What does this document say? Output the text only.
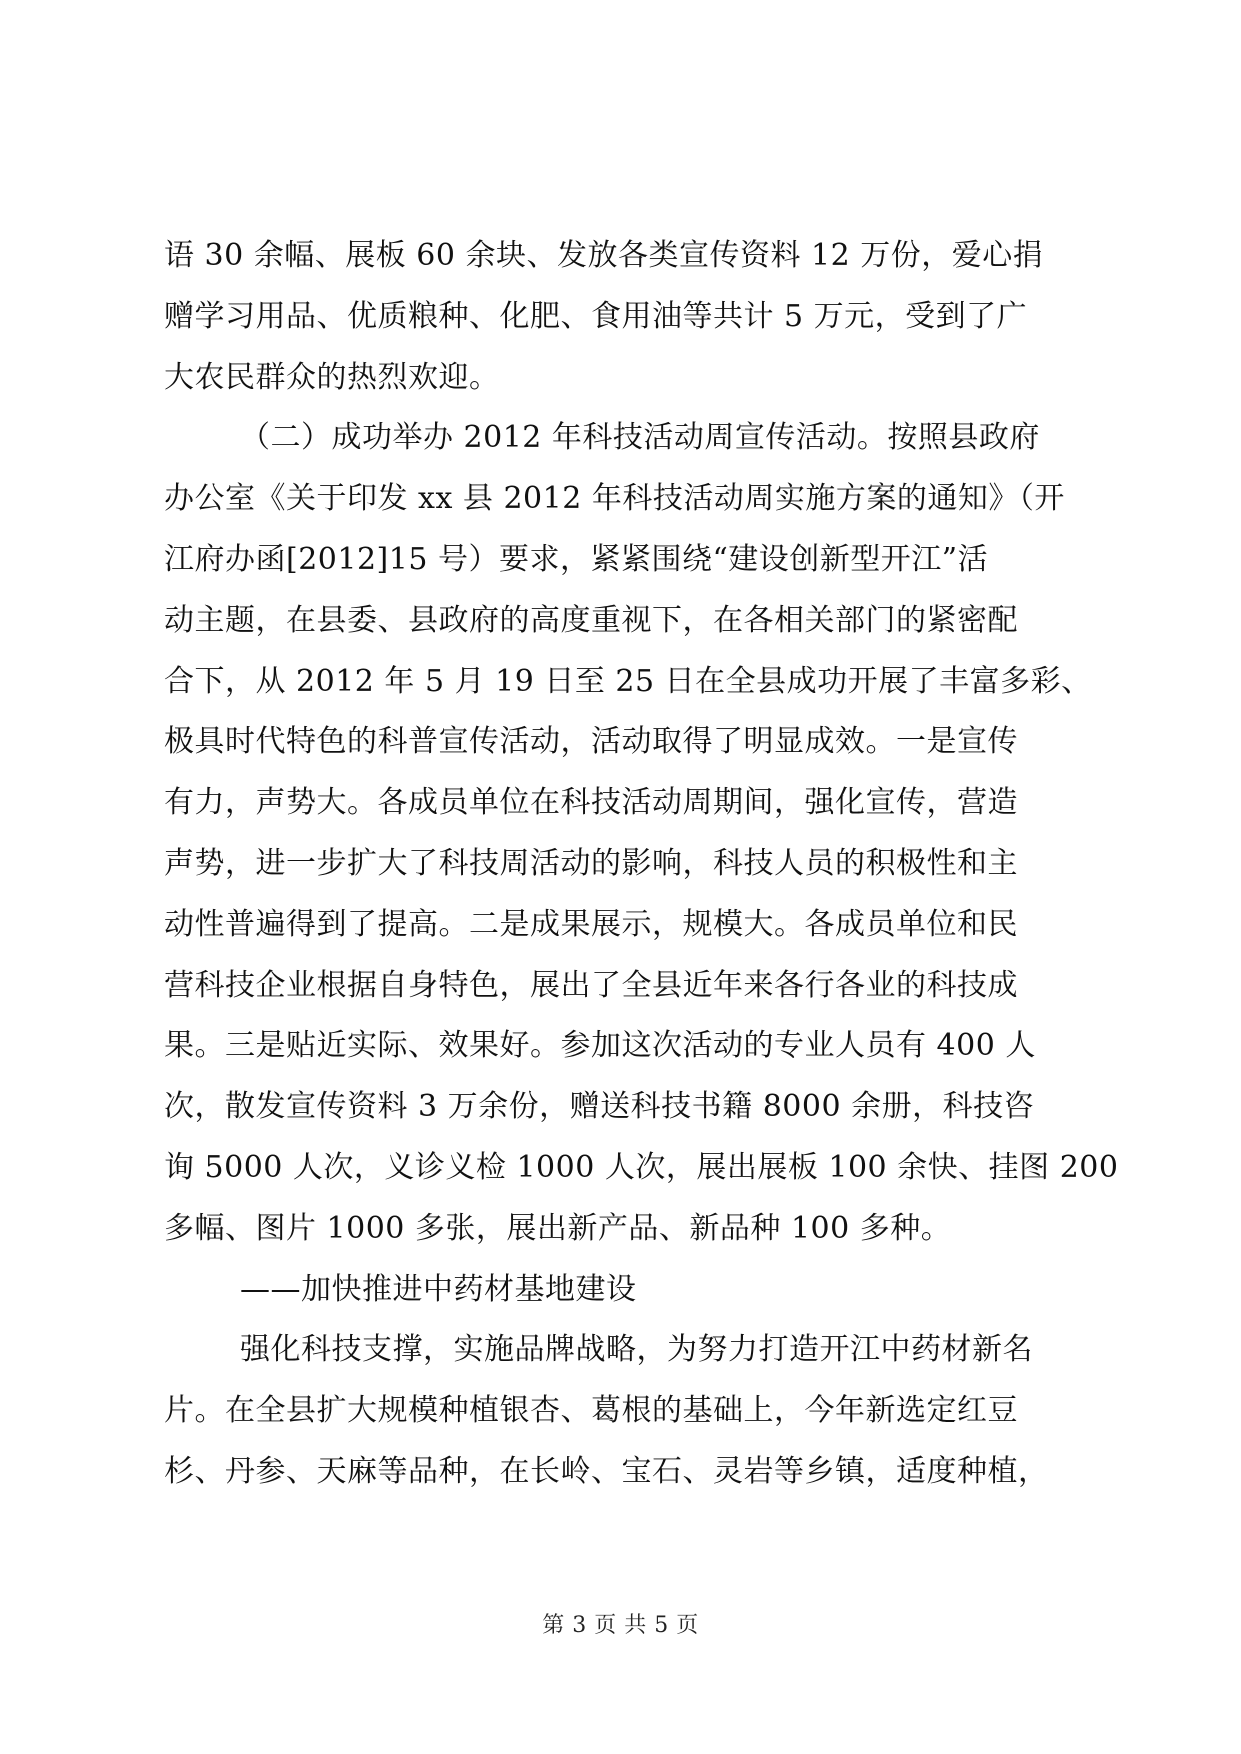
语 30 余幅、展板 60 余块、发放各类宣传资料 12 万份，爱心捐
赠学习用品、优质粮种、化肥、食用油等共计 5 万元，受到了广
大农民群众的热烈欢迎。
（二）成功举办 2012 年科技活动周宣传活动。按照县政府
办公室《关于印发 xx 县 2012 年科技活动周实施方案的通知》（开
江府办函[2012]15 号）要求，紧紧围绕“建设创新型开江”活
动主题，在县委、县政府的高度重视下，在各相关部门的紧密配
合下，从 2012 年 5 月 19 日至 25 日在全县成功开展了丰富多彩、
极具时代特色的科普宣传活动，活动取得了明显成效。一是宣传
有力，声势大。各成员单位在科技活动周期间，强化宣传，营造
声势，进一步扩大了科技周活动的影响，科技人员的积极性和主
动性普遍得到了提高。二是成果展示，规模大。各成员单位和民
营科技企业根据自身特色，展出了全县近年来各行各业的科技成
果。三是贴近实际、效果好。参加这次活动的专业人员有 400 人
次，散发宣传资料 3 万余份，赠送科技书籍 8000 余册，科技咨
询 5000 人次，义诊义检 1000 人次，展出展板 100 余快、挂图 200
多幅、图片 1000 多张，展出新产品、新品种 100 多种。
——加快推进中药材基地建设
强化科技支撑，实施品牌战略，为努力打造开江中药材新名
片。在全县扩大规模种植银杏、葛根的基础上，今年新选定红豆
杉、丹参、天麻等品种，在长岭、宝石、灵岩等乡镇，适度种植，
第 3 页 共 5 页
